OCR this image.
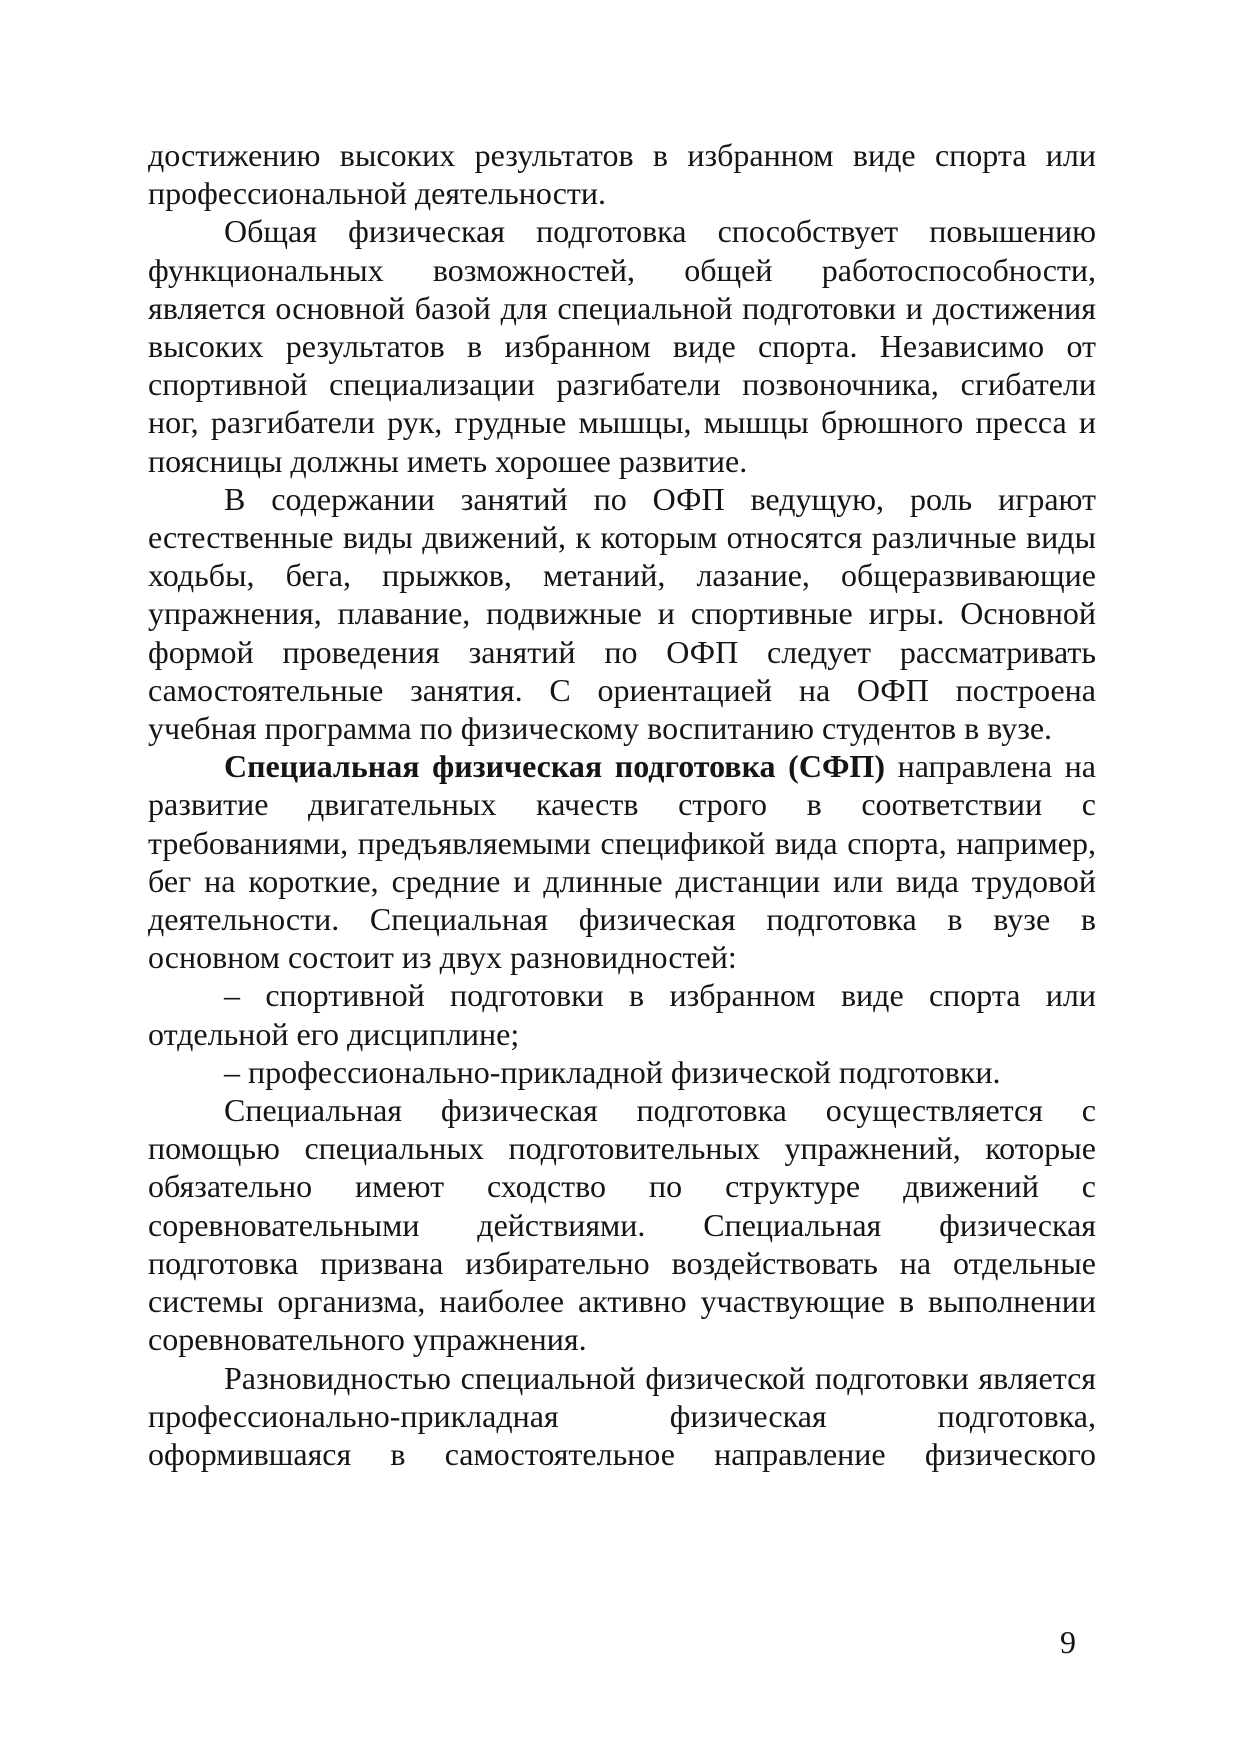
достижению высоких результатов в избранном виде спорта или профессиональной деятельности.

Общая физическая подготовка способствует повышению функциональных возможностей, общей работоспособности, является основной базой для специальной подготовки и достижения высоких результатов в избранном виде спорта. Независимо от спортивной специализации разгибатели позвоночника, сгибатели ног, разгибатели рук, грудные мышцы, мышцы брюшного пресса и поясницы должны иметь хорошее развитие.

В содержании занятий по ОФП ведущую, роль играют естественные виды движений, к которым относятся различные виды ходьбы, бега, прыжков, метаний, лазание, общеразвивающие упражнения, плавание, подвижные и спортивные игры. Основной формой проведения занятий по ОФП следует рассматривать самостоятельные занятия. С ориентацией на ОФП построена учебная программа по физическому воспитанию студентов в вузе.

Специальная физическая подготовка (СФП) направлена на развитие двигательных качеств строго в соответствии с требованиями, предъявляемыми спецификой вида спорта, например, бег на короткие, средние и длинные дистанции или вида трудовой деятельности. Специальная физическая подготовка в вузе в основном состоит из двух разновидностей:

– спортивной подготовки в избранном виде спорта или отдельной его дисциплине;

– профессионально-прикладной физической подготовки.

Специальная физическая подготовка осуществляется с помощью специальных подготовительных упражнений, которые обязательно имеют сходство по структуре движений с соревновательными действиями. Специальная физическая подготовка призвана избирательно воздействовать на отдельные системы организма, наиболее активно участвующие в выполнении соревновательного упражнения.

Разновидностью специальной физической подготовки является профессионально-прикладная физическая подготовка, оформившаяся в самостоятельное направление физического

9
